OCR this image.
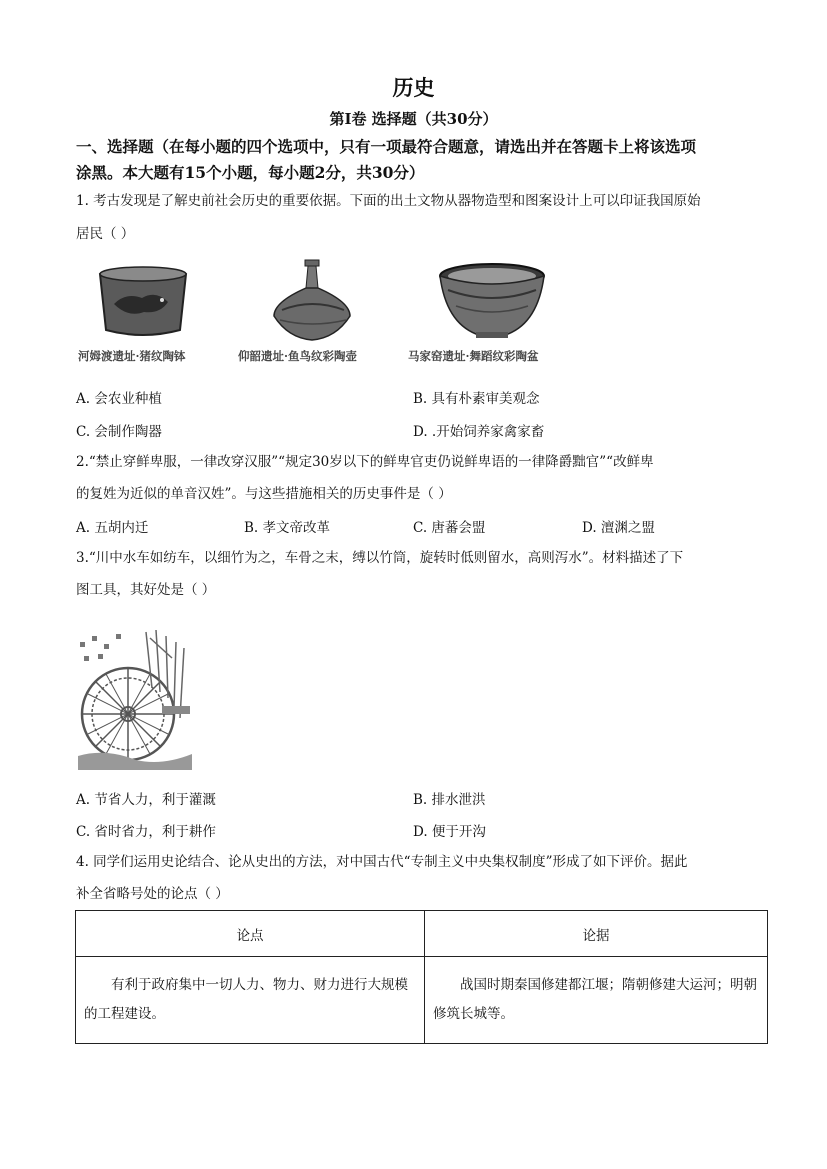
历史
第Ⅰ卷 选择题（共30分）
一、选择题（在每小题的四个选项中，只有一项最符合题意，请选出并在答题卡上将该选项
涂黑。本大题有15个小题，每小题2分，共30分）
1. 考古发现是了解史前社会历史的重要依据。下面的出土文物从器物造型和图案设计上可以印证我国原始
居民（ ）
河姆渡遗址·猪纹陶钵	仰韶遗址·鱼鸟纹彩陶壶	马家窑遗址·舞蹈纹彩陶盆
A. 会农业种植	B. 具有朴素审美观念
C. 会制作陶器	D. .开始饲养家禽家畜
2.“禁止穿鲜卑服，一律改穿汉服”“规定30岁以下的鲜卑官吏仍说鲜卑语的一律降爵黜官”“改鲜卑
的复姓为近似的单音汉姓”。与这些措施相关的历史事件是（ ）
A. 五胡内迁	B. 孝文帝改革	C. 唐蕃会盟	D. 澶渊之盟
3.“川中水车如纺车，以细竹为之，车骨之末，缚以竹筒，旋转时低则留水，高则泻水”。材料描述了下
图工具，其好处是（ ）
A. 节省人力，利于灌溉	B. 排水泄洪
C. 省时省力，利于耕作	D. 便于开沟
4. 同学们运用史论结合、论从史出的方法，对中国古代“专制主义中央集权制度”形成了如下评价。据此
补全省略号处的论点（ ）
论点	论据
有利于政府集中一切人力、物力、财力进行大规模的工程建设。	战国时期秦国修建都江堰；隋朝修建大运河；明朝修筑长城等。
